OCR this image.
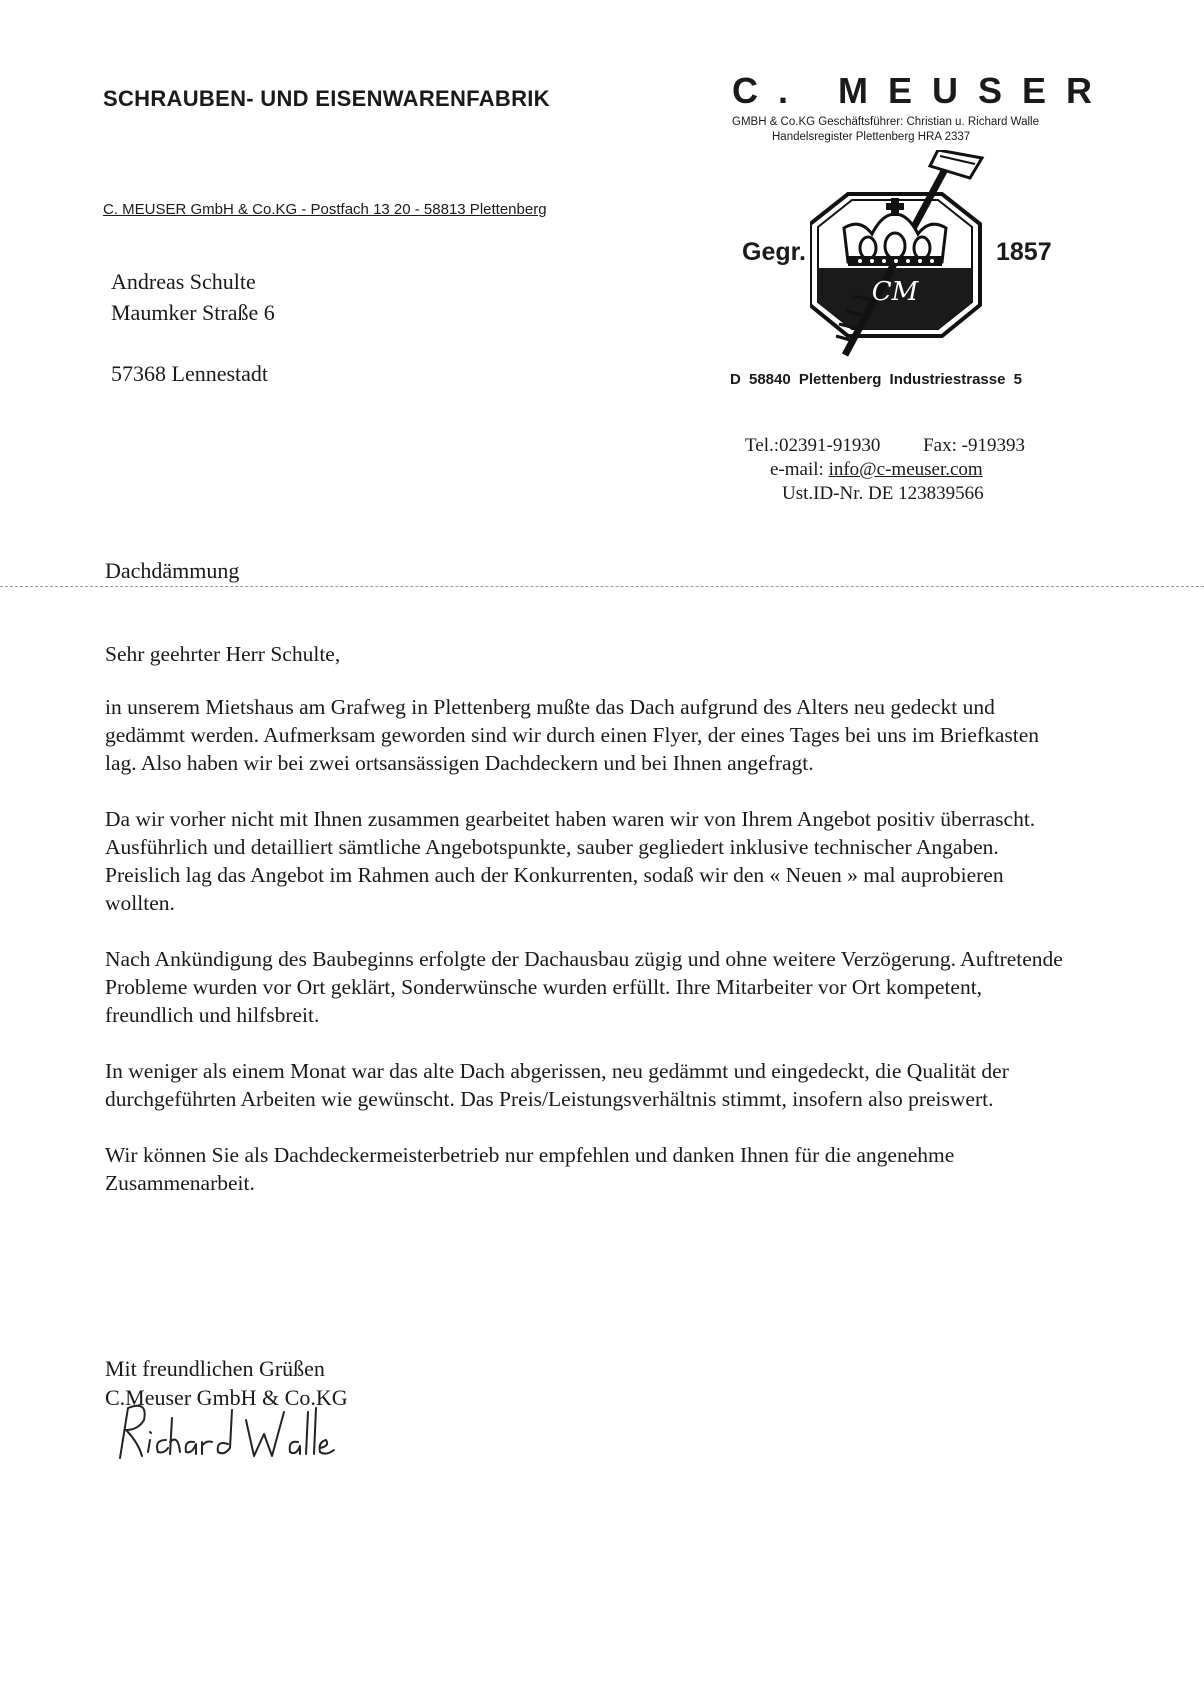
SCHRAUBEN- UND EISENWARENFABRIK	C. MEUSER
GMBH & Co.KG Geschäftsführer: Christian u. Richard Walle
Handelsregister Plettenberg HRA 2337
C. MEUSER GmbH & Co.KG - Postfach 13 20 - 58813 Plettenberg
Andreas Schulte
Maumker Straße 6
57368 Lennestadt
Gegr.	1857
CM
D 58840 Plettenberg Industriestrasse 5
Tel.:02391-91930 Fax: -919393
e-mail: info@c-meuser.com
Ust.ID-Nr. DE 123839566
Dachdämmung

Sehr geehrter Herr Schulte,

in unserem Mietshaus am Grafweg in Plettenberg mußte das Dach aufgrund des Alters neu gedeckt und gedämmt werden. Aufmerksam geworden sind wir durch einen Flyer, der eines Tages bei uns im Briefkasten lag. Also haben wir bei zwei ortsansässigen Dachdeckern und bei Ihnen angefragt.

Da wir vorher nicht mit Ihnen zusammen gearbeitet haben waren wir von Ihrem Angebot positiv überrascht. Ausführlich und detailliert sämtliche Angebotspunkte, sauber gegliedert inklusive technischer Angaben. Preislich lag das Angebot im Rahmen auch der Konkurrenten, sodaß wir den « Neuen » mal auprobieren wollten.

Nach Ankündigung des Baubeginns erfolgte der Dachausbau zügig und ohne weitere Verzögerung. Auftretende Probleme wurden vor Ort geklärt, Sonderwünsche wurden erfüllt. Ihre Mitarbeiter vor Ort kompetent, freundlich und hilfsbreit.

In weniger als einem Monat war das alte Dach abgerissen, neu gedämmt und eingedeckt, die Qualität der durchgeführten Arbeiten wie gewünscht. Das Preis/Leistungsverhältnis stimmt, insofern also preiswert.

Wir können Sie als Dachdeckermeisterbetrieb nur empfehlen und danken Ihnen für die angenehme Zusammenarbeit.

Mit freundlichen Grüßen
C.Meuser GmbH & Co.KG
